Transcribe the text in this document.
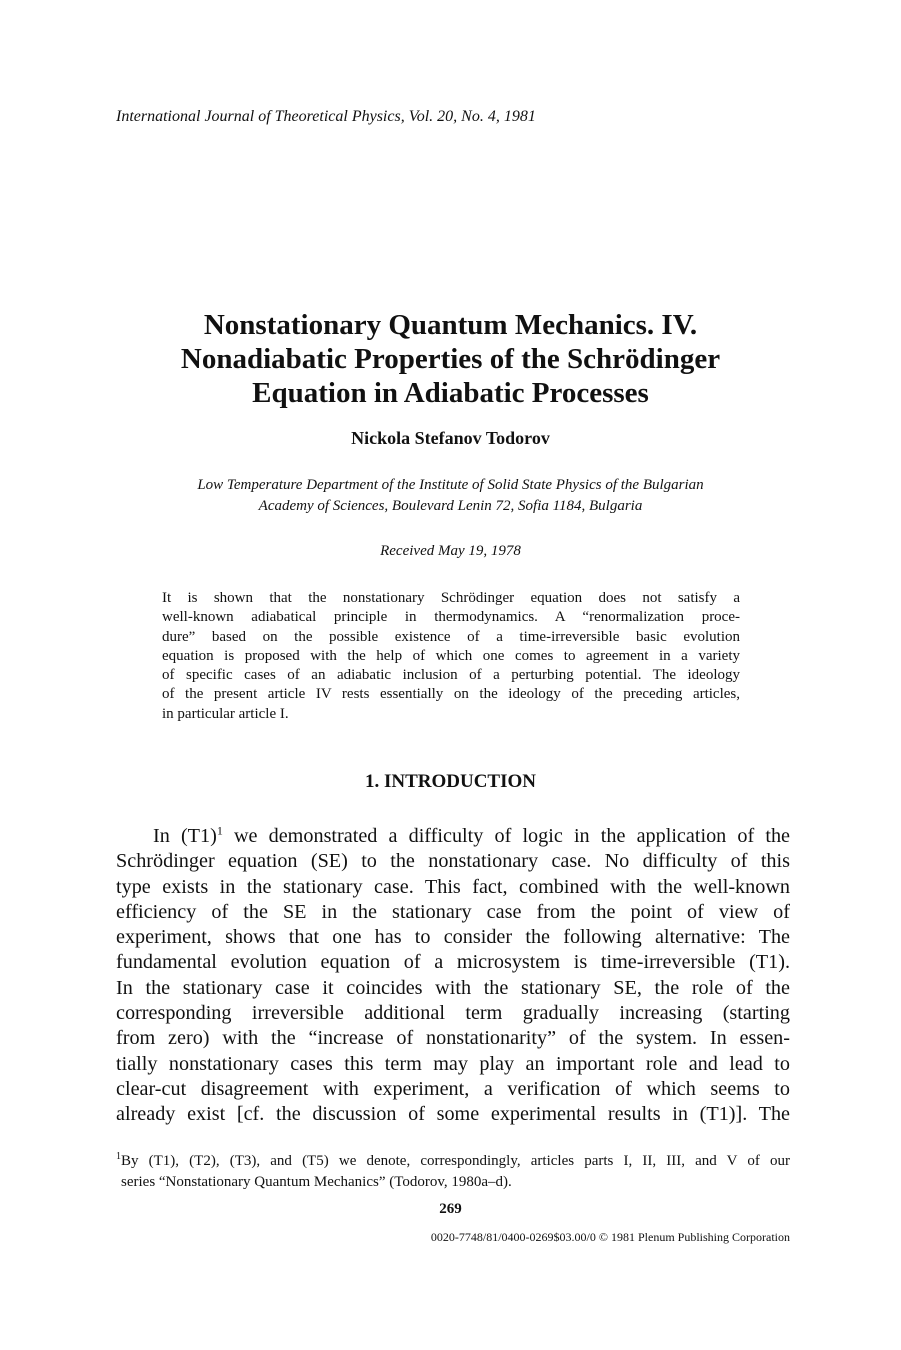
International Journal of Theoretical Physics, Vol. 20, No. 4, 1981
Nonstationary Quantum Mechanics. IV.
Nonadiabatic Properties of the Schrödinger
Equation in Adiabatic Processes
Nickola Stefanov Todorov
Low Temperature Department of the Institute of Solid State Physics of the Bulgarian
Academy of Sciences, Boulevard Lenin 72, Sofia 1184, Bulgaria
Received May 19, 1978
It is shown that the nonstationary Schrödinger equation does not satisfy a
well-known adiabatical principle in thermodynamics. A “renormalization proce-
dure” based on the possible existence of a time-irreversible basic evolution
equation is proposed with the help of which one comes to agreement in a variety
of specific cases of an adiabatic inclusion of a perturbing potential. The ideology
of the present article IV rests essentially on the ideology of the preceding articles,
in particular article I.
1. INTRODUCTION
In $(T1)^1$ we demonstrated a difficulty of logic in the application of the
Schrödinger equation (SE) to the nonstationary case. No difficulty of this
type exists in the stationary case. This fact, combined with the well-known
efficiency of the SE in the stationary case from the point of view of
experiment, shows that one has to consider the following alternative: The
fundamental evolution equation of a microsystem is time-irreversible (T1).
In the stationary case it coincides with the stationary SE, the role of the
corresponding irreversible additional term gradually increasing (starting
from zero) with the “increase of nonstationarity” of the system. In essen-
tially nonstationary cases this term may play an important role and lead to
clear-cut disagreement with experiment, a verification of which seems to
already exist [cf. the discussion of some experimental results in (T1)]. The
$^1$By (T1), (T2), (T3), and (T5) we denote, correspondingly, articles parts I, II, III, and V of our
series “Nonstationary Quantum Mechanics” (Todorov, 1980a–d).
269
0020-7748/81/0400-0269$03.00/0 © 1981 Plenum Publishing Corporation
